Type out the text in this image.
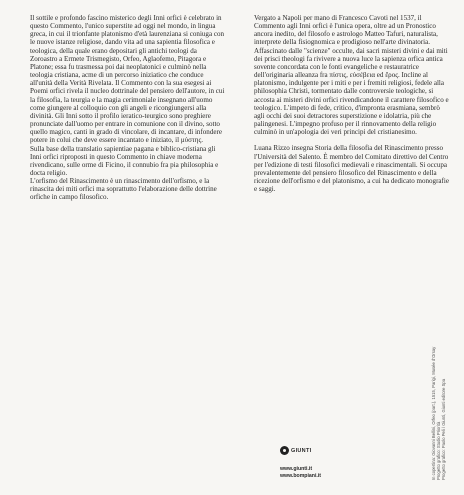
Il sottile e profondo fascino misterico degli Inni orfici è celebrato in questo Commento, l'unico superstite ad oggi nel mondo, in lingua greca, in cui il trionfante platonismo d'età laurenziana si coniuga con le nuove istanze religiose, dando vita ad una sapientia filosofica e teologica, della quale erano depositari gli antichi teologi da Zoroastro a Ermete Trismegisto, Orfeo, Aglaofemo, Pitagora e Platone; essa fu trasmessa poi dai neoplatonici e culminò nella teologia cristiana, acme di un percorso iniziatico che conduce all'unità della Verità Rivelata. Il Commento con la sua esegesi ai Poemi orfici rivela il nucleo dottrinale del pensiero dell'autore, in cui la filosofia, la teurgia e la magia cerimoniale insegnano all'uomo come giungere al colloquio con gli angeli e ricongiungersi alla divinità. Gli Inni sotto il profilo ieratico-teurgico sono preghiere pronunciate dall'uomo per entrare in comunione con il divino, sotto quello magico, canti in grado di vincolare, di incantare, di infondere potere in colui che deve essere incantato e iniziato, il μύστης.

Sulla base della translatio sapientiae pagana e biblico-cristiana gli Inni orfici riproposti in questo Commento in chiave moderna rivendicano, sulle orme di Ficino, il connubio fra pia philosophia e docta religio.

L'orfismo del Rinascimento è un rinascimento dell'orfismo, e la rinascita dei miti orfici ma soprattutto l'elaborazione delle dottrine orfiche in campo filosofico.

Vergato a Napoli per mano di Francesco Cavoti nel 1537, il Commento agli Inni orfici è l'unica opera, oltre ad un Pronostico ancora inedito, del filosofo e astrologo Matteo Tafuri, naturalista, interprete della fisiognomica e prodigioso nell'arte divinatoria. Affascinato dalle "scienze" occulte, dai sacri misteri divini e dai miti dei prisci theologi fa rivivere a nuova luce la sapienza orfica antica sovente concordata con le fonti evangeliche e restauratrice dell'originaria alleanza fra πίστις, εὐσέβεια ed ἔρος. Incline al platonismo, indulgente per i miti e per i fremiti religiosi, fedele alla philosophia Christi, tormentato dalle controversie teologiche, si accosta ai misteri divini orfici rivendicandone il carattere filosofico e teologico. L'impeto di fede, critico, d'impronta erasmiana, sembrò agli occhi dei suoi detractores superstizione e idolatria, più che palingenesi. L'impegno profuso per il rinnovamento della religio culminò in un'apologia dei veri principi del cristianesimo.

Luana Rizzo insegna Storia della filosofia del Rinascimento presso l'Università del Salento. È membro del Comitato direttivo del Centro per l'edizione di testi filosofici medievali e rinascimentali. Si occupa prevalentemente del pensiero filosofico del Rinascimento e della ricezione dell'orfismo e del platonismo, a cui ha dedicato monografie e saggi.

In copertina: Giovanni Bellini, Orfeo (part.), 1515, Parigi, Musée d'Orsay Progetto grafico: Studio Priorità Progetto grafico: Paolo Peli / Giunti, Giunti editore Spa
GIUNTI
www.giunti.it
www.bompiani.it
